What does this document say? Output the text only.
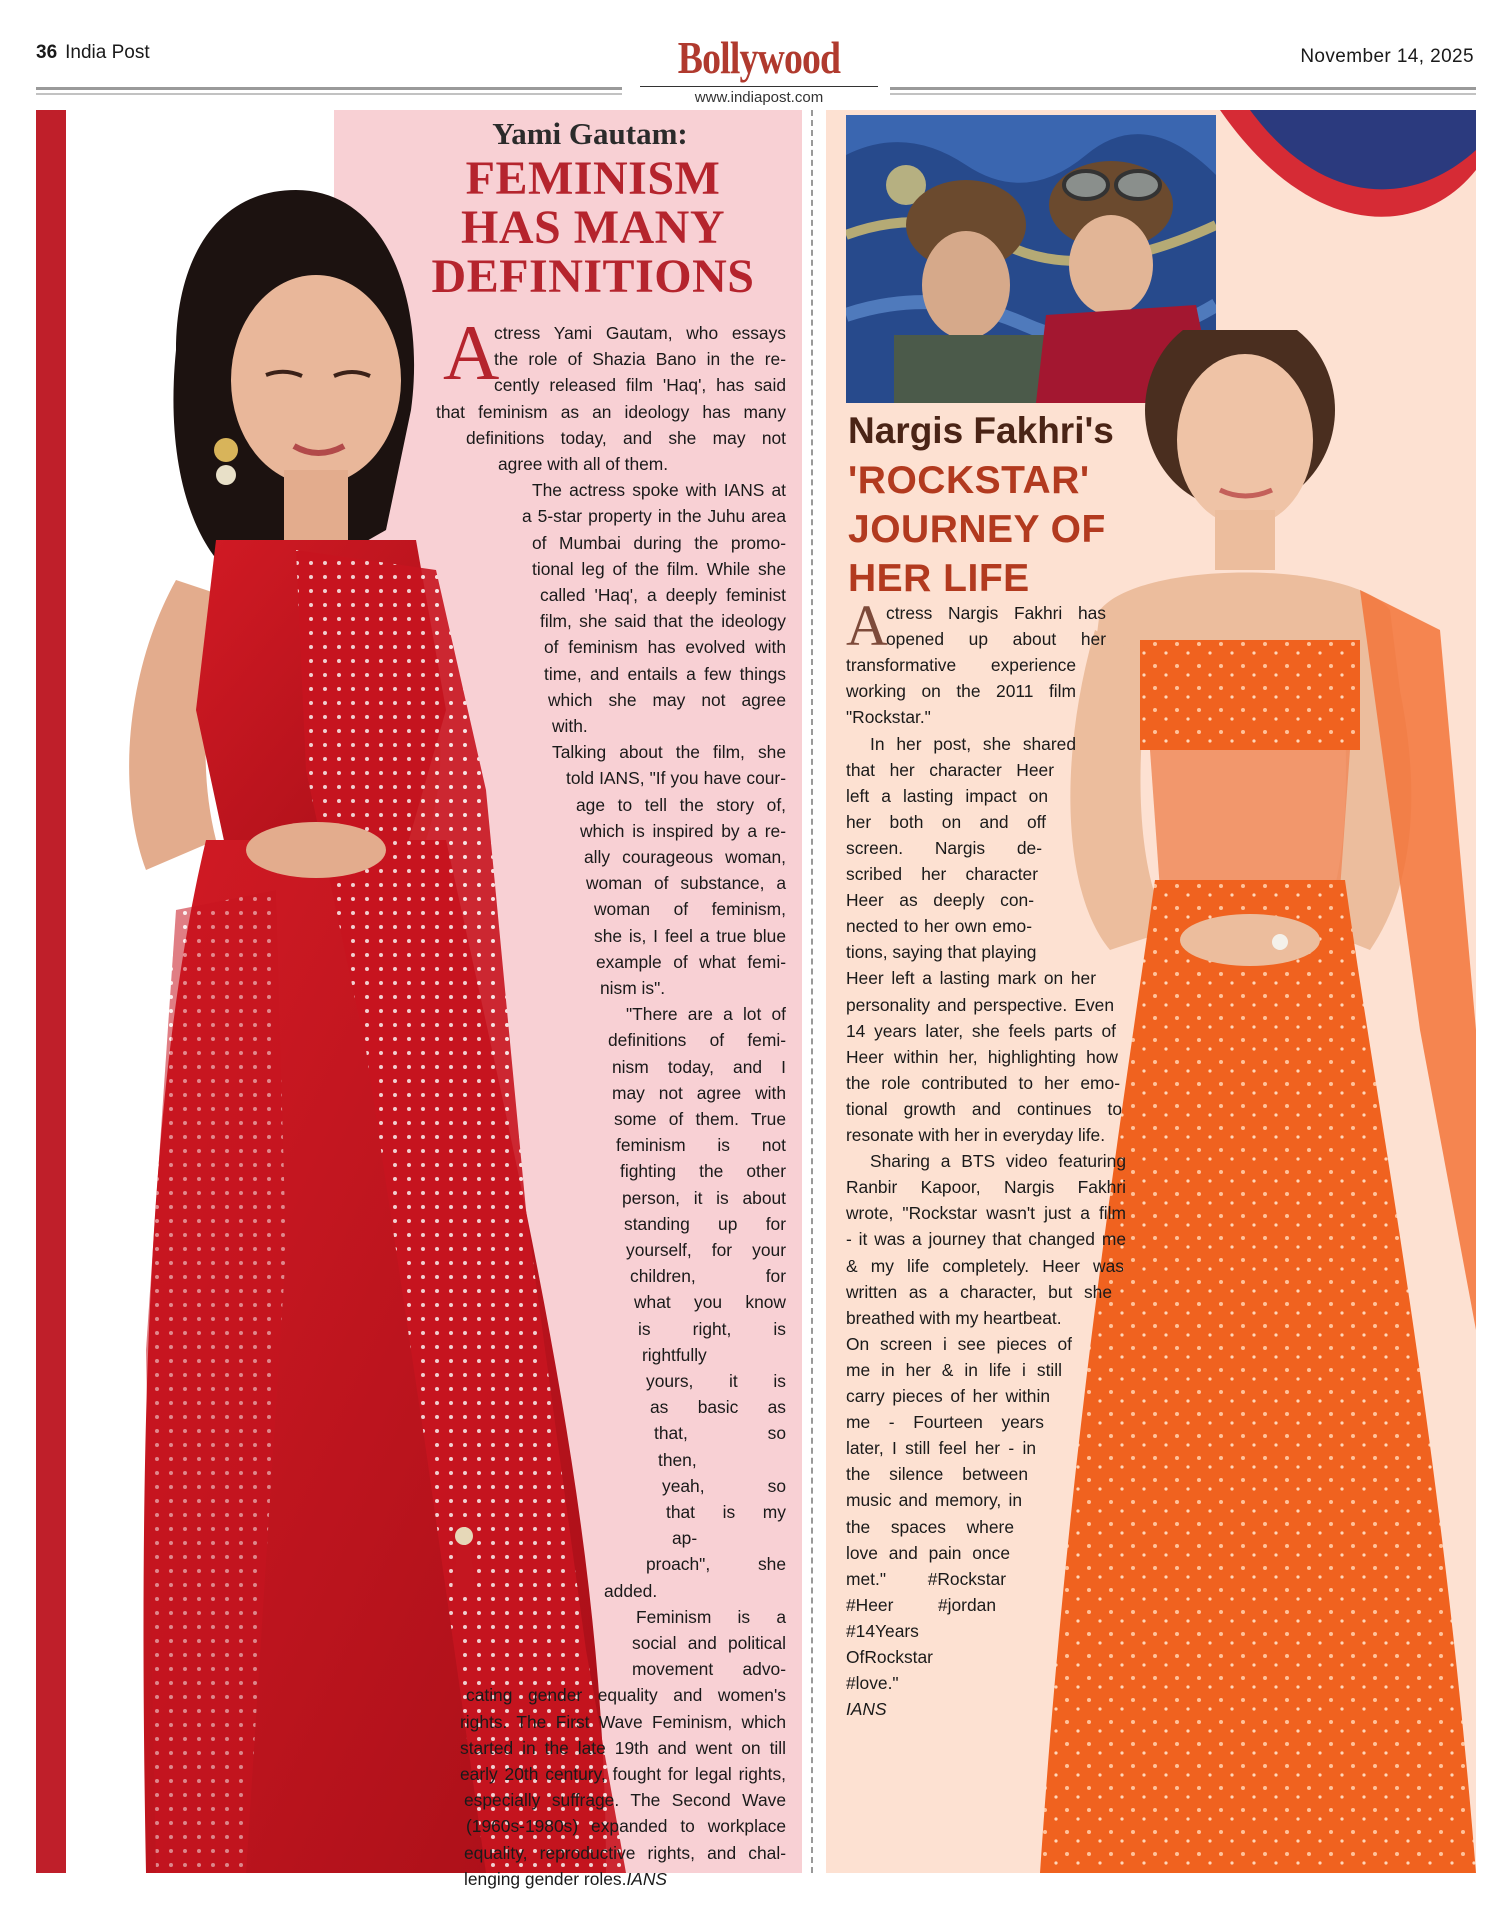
36 India Post	Bollywood
www.indiapost.com
November 14, 2025
Yami Gautam:
FEMINISM
HAS MANY
DEFINITIONS
A
ctress Yami Gautam, who essays
the role of Shazia Bano in the re-
cently released film 'Haq', has said
that feminism as an ideology has many
definitions today, and she may not
agree with all of them.
The actress spoke with IANS at
a 5-star property in the Juhu area
of Mumbai during the promo-
tional leg of the film. While she
called 'Haq', a deeply feminist
film, she said that the ideology
of feminism has evolved with
time, and entails a few things
which she may not agree
with.
Talking about the film, she
told IANS, "If you have cour-
age to tell the story of,
which is inspired by a re-
ally courageous woman,
woman of substance, a
woman of feminism,
she is, I feel a true blue
example of what femi-
nism is".
"There are a lot of
definitions of femi-
nism today, and I
may not agree with
some of them. True
feminism is not
fighting the other
person, it is about
standing up for
yourself, for your
children, for
what you know
is right, is
rightfully
yours, it is
as basic as
that, so
then,
yeah, so
that is my
ap-
proach", she
added.
Feminism is a
social and political
movement advo-
cating gender equality and women's
rights. The First Wave Feminism, which
started in the late 19th and went on till
early 20th century, fought for legal rights,
especially suffrage. The Second Wave
(1960s-1980s) expanded to workplace
equality, reproductive rights, and chal-
lenging gender roles.IANS
Nargis Fakhri's
'ROCKSTAR'
JOURNEY OF
HER LIFE
A
ctress Nargis Fakhri has
opened up about her
transformative experience
working on the 2011 film
"Rockstar."
In her post, she shared
that her character Heer
left a lasting impact on
her both on and off
screen. Nargis de-
scribed her character
Heer as deeply con-
nected to her own emo-
tions, saying that playing
Heer left a lasting mark on her
personality and perspective. Even
14 years later, she feels parts of
Heer within her, highlighting how
the role contributed to her emo-
tional growth and continues to
resonate with her in everyday life.
Sharing a BTS video featuring
Ranbir Kapoor, Nargis Fakhri
wrote, "Rockstar wasn't just a film
- it was a journey that changed me
& my life completely. Heer was
written as a character, but she
breathed with my heartbeat.
On screen i see pieces of
me in her & in life i still
carry pieces of her within
me - Fourteen years
later, I still feel her - in
the silence between
music and memory, in
the spaces where
love and pain once
met." #Rockstar
#Heer #jordan
#14Years
OfRockstar
#love."
IANS
